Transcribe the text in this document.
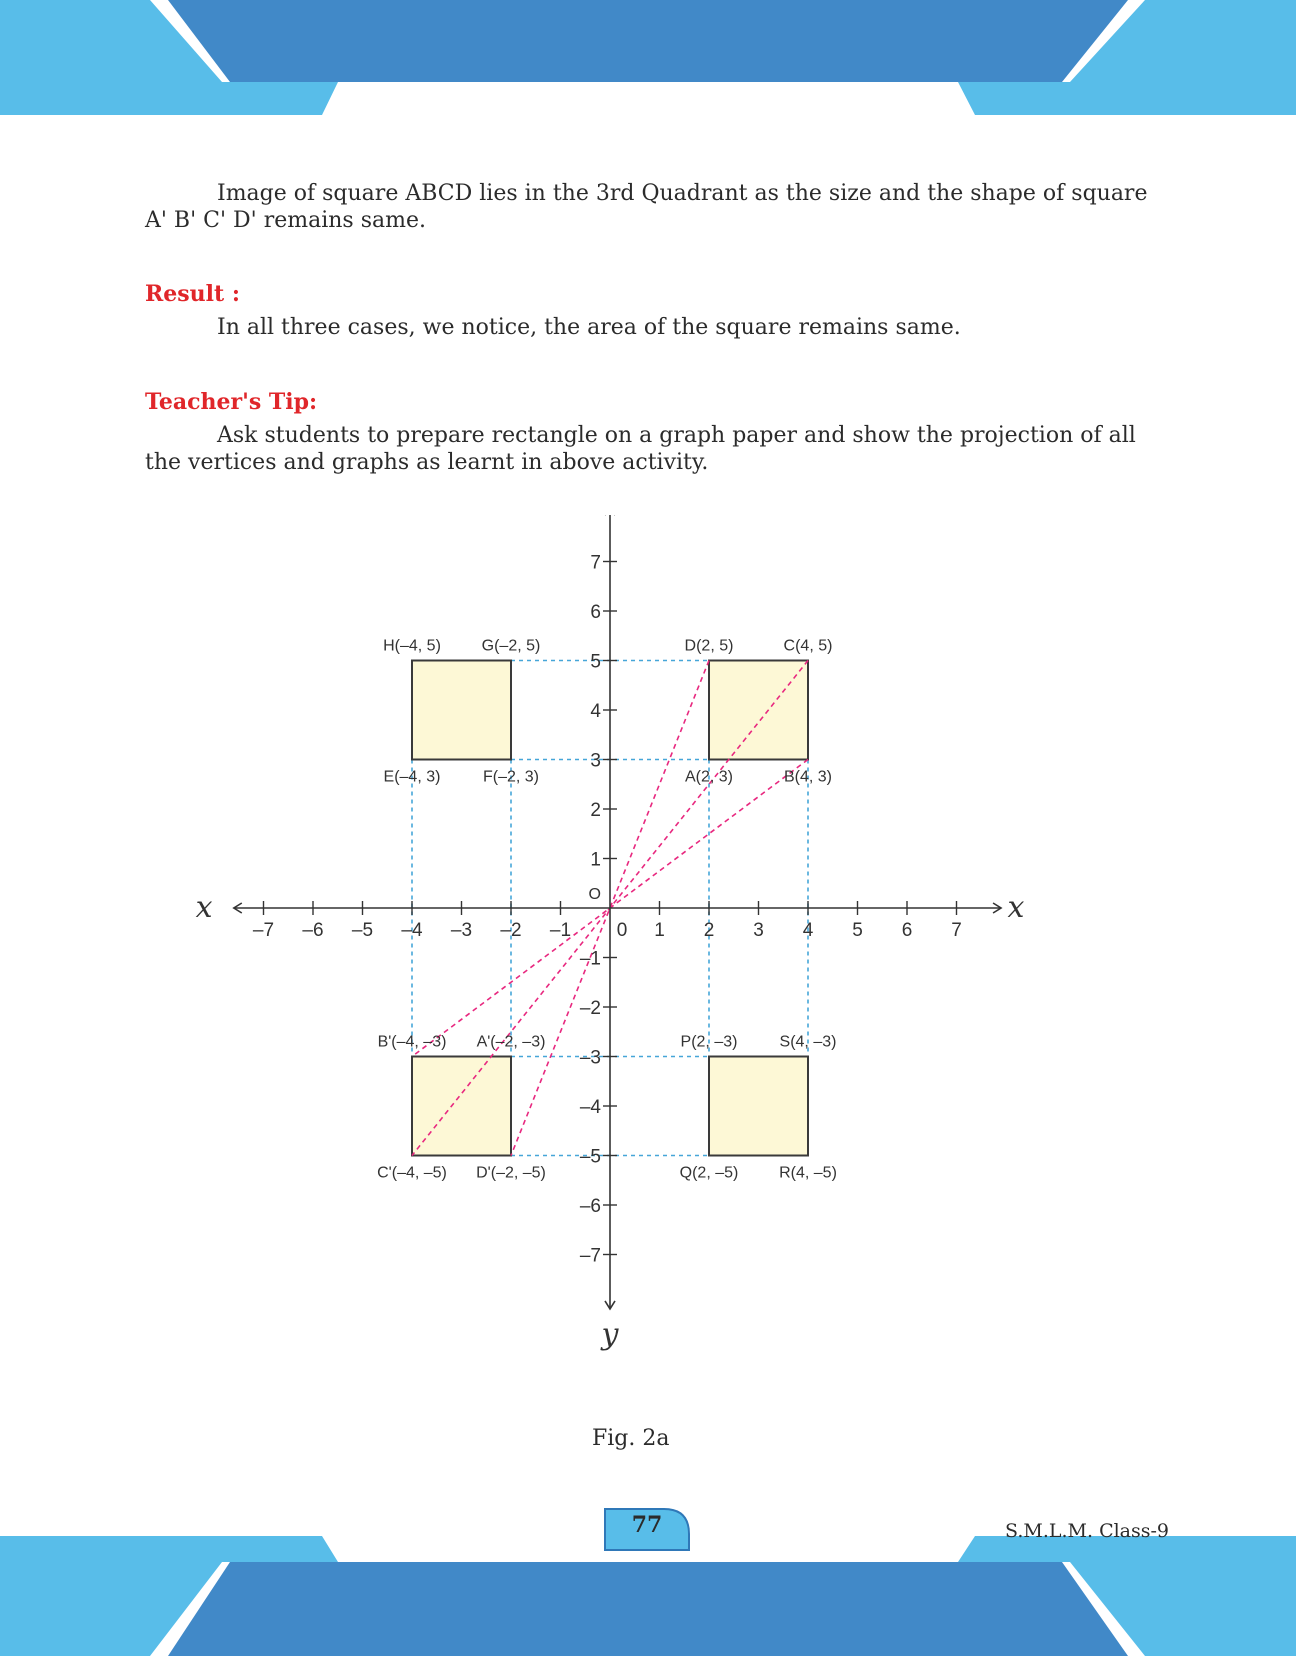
Image of square ABCD lies in the 3rd Quadrant as the size and the shape of square A' B' C' D' remains same.

Result :

In all three cases, we notice, the area of the square remains same.

Teacher's Tip:

Ask students to prepare rectangle on a graph paper and show the projection of all the vertices and graphs as learnt in above activity.

x	x
y
–7 –6 –5 –4 –3 –2 –1 0 1 2 3 4 5 6 7
–7
–6
–5
–4
–3
–2
–1
1
2
3
4
5
6
7
O
H(–4, 5)	G(–2, 5)	D(2, 5)	C(4, 5)
E(–4, 3)	F(–2, 3)	A(2, 3)	B(4, 3)
B'(–4, –3) A'(–2, –3)	P(2, –3)	S(4, –3)
C'(–4, –5) D'(–2, –5)	Q(2, –5)	R(4, –5)
Fig. 2a
77	S.M.L.M. Class-9
